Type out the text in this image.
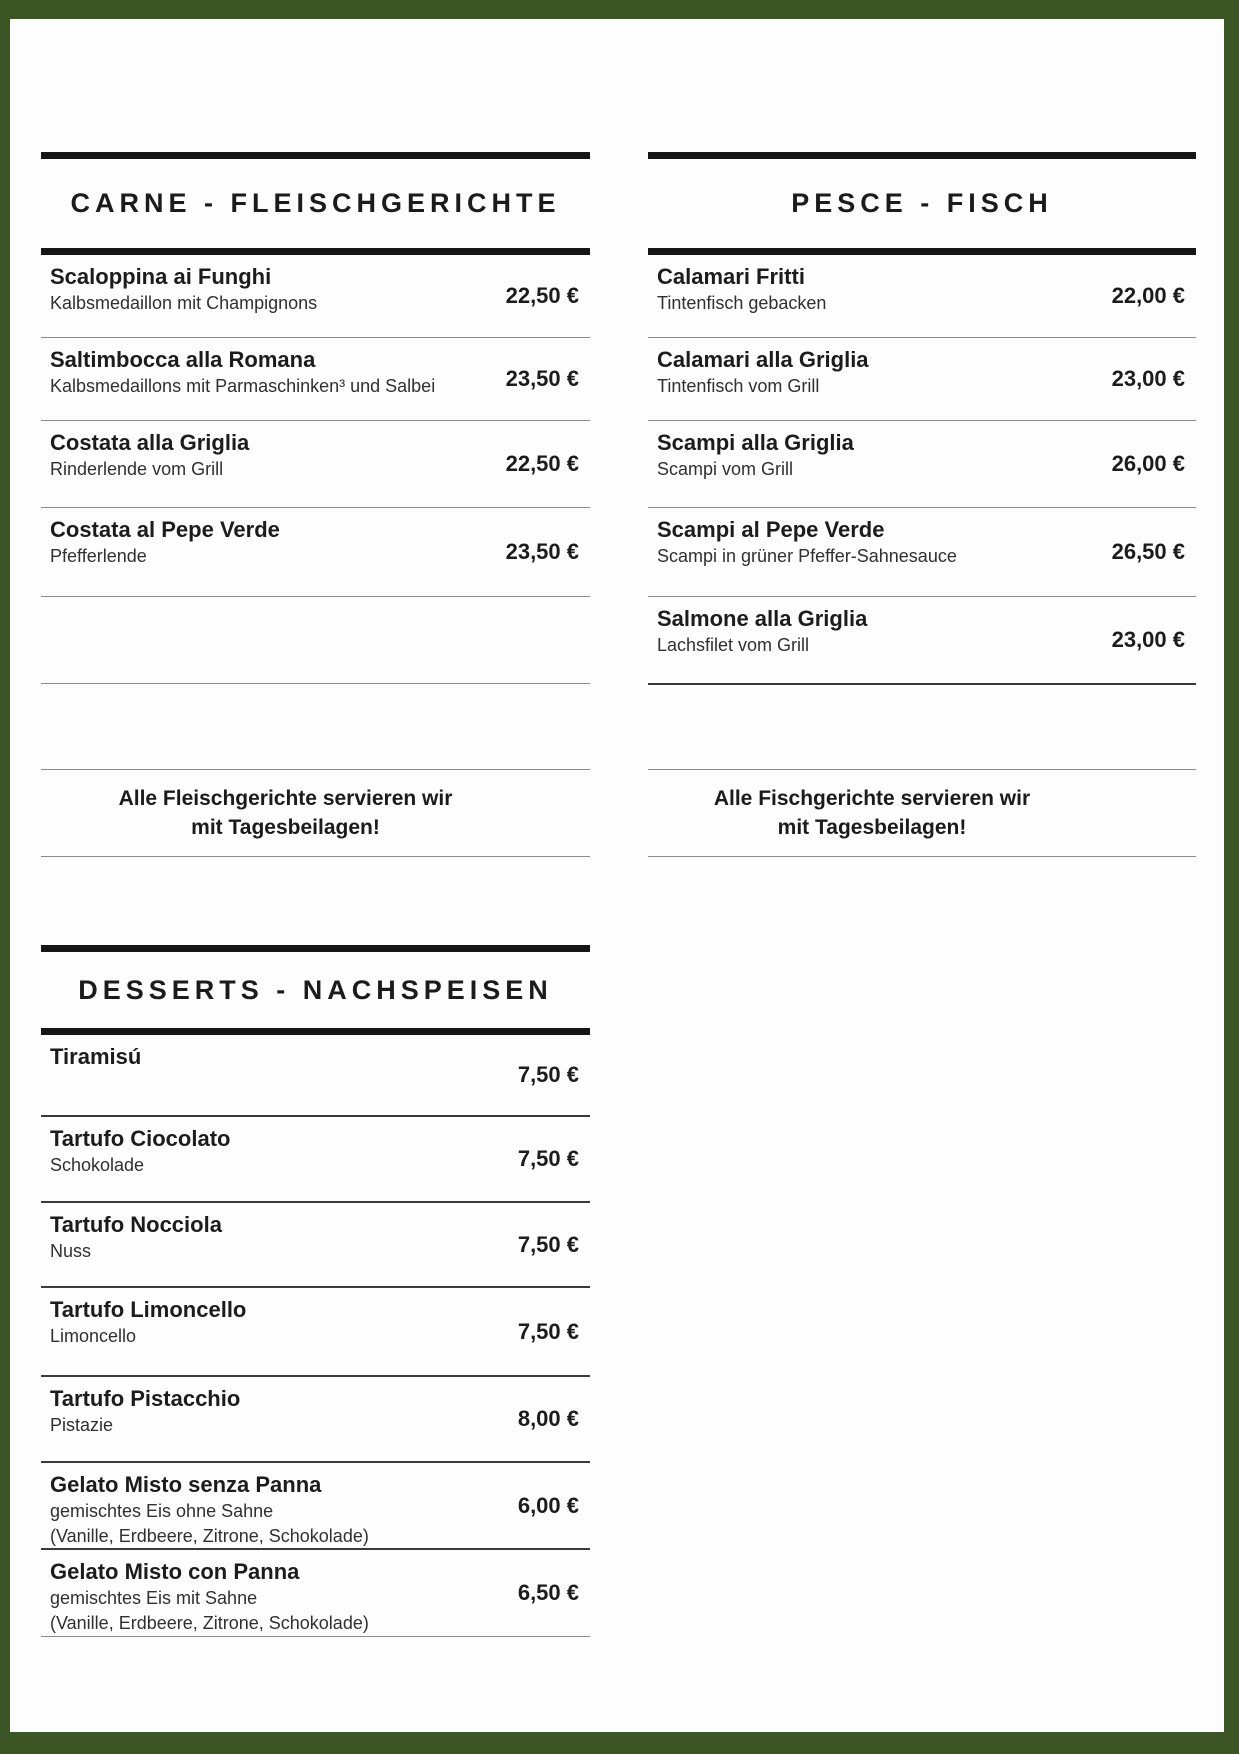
CARNE - FLEISCHGERICHTE
Scaloppina ai Funghi
Kalbsmedaillon mit Champignons	22,50 €
Saltimbocca alla Romana
Kalbsmedaillons mit Parmaschinken³ und Salbei	23,50 €
Costata alla Griglia
Rinderlende vom Grill	22,50 €
Costata al Pepe Verde
Pfefferlende	23,50 €
Alle Fleischgerichte servieren wir
mit Tagesbeilagen!
PESCE - FISCH
Calamari Fritti
Tintenfisch gebacken	22,00 €
Calamari alla Griglia
Tintenfisch vom Grill	23,00 €
Scampi alla Griglia
Scampi vom Grill	26,00 €
Scampi al Pepe Verde
Scampi in grüner Pfeffer-Sahnesauce	26,50 €
Salmone alla Griglia
Lachsfilet vom Grill	23,00 €
Alle Fischgerichte servieren wir
mit Tagesbeilagen!
DESSERTS - NACHSPEISEN
Tiramisú
7,50 €
Tartufo Ciocolato
Schokolade	7,50 €
Tartufo Nocciola
Nuss	7,50 €
Tartufo Limoncello
Limoncello	7,50 €
Tartufo Pistacchio
Pistazie	8,00 €
Gelato Misto senza Panna
gemischtes Eis ohne Sahne
(Vanille, Erdbeere, Zitrone, Schokolade)
6,00 €
Gelato Misto con Panna
gemischtes Eis mit Sahne
(Vanille, Erdbeere, Zitrone, Schokolade)
6,50 €
